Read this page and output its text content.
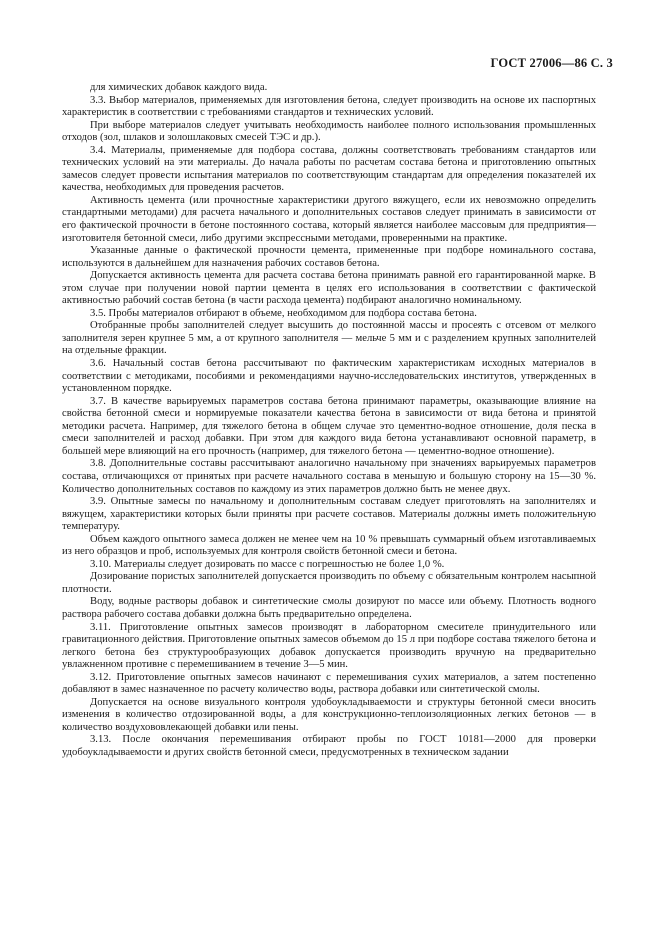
ГОСТ 27006—86 С. 3

для химических добавок каждого вида.

3.3. Выбор материалов, применяемых для изготовления бетона, следует производить на основе их паспортных характеристик в соответствии с требованиями стандартов и технических условий.

При выборе материалов следует учитывать необходимость наиболее полного использования промышленных отходов (зол, шлаков и золошлаковых смесей ТЭС и др.).

3.4. Материалы, применяемые для подбора состава, должны соответствовать требованиям стандартов или технических условий на эти материалы. До начала работы по расчетам состава бетона и приготовлению опытных замесов следует провести испытания материалов по соответствующим стандартам для определения показателей их качества, необходимых для проведения расчетов.

Активность цемента (или прочностные характеристики другого вяжущего, если их невозможно определить стандартными методами) для расчета начального и дополнительных составов следует принимать в зависимости от его фактической прочности в бетоне постоянного состава, который является наиболее массовым для предприятия—изготовителя бетонной смеси, либо другими экспрессными методами, проверенными на практике.

Указанные данные о фактической прочности цемента, примененные при подборе номинального состава, используются в дальнейшем для назначения рабочих составов бетона.

Допускается активность цемента для расчета состава бетона принимать равной его гарантированной марке. В этом случае при получении новой партии цемента в целях его использования в соответствии с фактической активностью рабочий состав бетона (в части расхода цемента) подбирают аналогично номинальному.

3.5. Пробы материалов отбирают в объеме, необходимом для подбора состава бетона.

Отобранные пробы заполнителей следует высушить до постоянной массы и просеять с отсевом от мелкого заполнителя зерен крупнее 5 мм, а от крупного заполнителя — мельче 5 мм и с разделением крупных заполнителей на отдельные фракции.

3.6. Начальный состав бетона рассчитывают по фактическим характеристикам исходных материалов в соответствии с методиками, пособиями и рекомендациями научно-исследовательских институтов, утвержденных в установленном порядке.

3.7. В качестве варьируемых параметров состава бетона принимают параметры, оказывающие влияние на свойства бетонной смеси и нормируемые показатели качества бетона в зависимости от вида бетона и принятой методики расчета. Например, для тяжелого бетона в общем случае это цементно-водное отношение, доля песка в смеси заполнителей и расход добавки. При этом для каждого вида бетона устанавливают основной параметр, в большей мере влияющий на его прочность (например, для тяжелого бетона — цементно-водное отношение).

3.8. Дополнительные составы рассчитывают аналогично начальному при значениях варьируемых параметров состава, отличающихся от принятых при расчете начального состава в меньшую и большую сторону на 15—30 %. Количество дополнительных составов по каждому из этих параметров должно быть не менее двух.

3.9. Опытные замесы по начальному и дополнительным составам следует приготовлять на заполнителях и вяжущем, характеристики которых были приняты при расчете составов. Материалы должны иметь положительную температуру.

Объем каждого опытного замеса должен не менее чем на 10 % превышать суммарный объем изготавливаемых из него образцов и проб, используемых для контроля свойств бетонной смеси и бетона.

3.10. Материалы следует дозировать по массе с погрешностью не более 1,0 %.

Дозирование пористых заполнителей допускается производить по объему с обязательным контролем насыпной плотности.

Воду, водные растворы добавок и синтетические смолы дозируют по массе или объему. Плотность водного раствора рабочего состава добавки должна быть предварительно определена.

3.11. Приготовление опытных замесов производят в лабораторном смесителе принудительного или гравитационного действия. Приготовление опытных замесов объемом до 15 л при подборе состава тяжелого бетона и легкого бетона без структурообразующих добавок допускается производить вручную на предварительно увлажненном противне с перемешиванием в течение 3—5 мин.

3.12. Приготовление опытных замесов начинают с перемешивания сухих материалов, а затем постепенно добавляют в замес назначенное по расчету количество воды, раствора добавки или синтетической смолы.

Допускается на основе визуального контроля удобоукладываемости и структуры бетонной смеси вносить изменения в количество отдозированной воды, а для конструкционно-теплоизоляционных легких бетонов — в количество воздухововлекающей добавки или пены.

3.13. После окончания перемешивания отбирают пробы по ГОСТ 10181—2000 для проверки удобоукладываемости и других свойств бетонной смеси, предусмотренных в техническом задании
